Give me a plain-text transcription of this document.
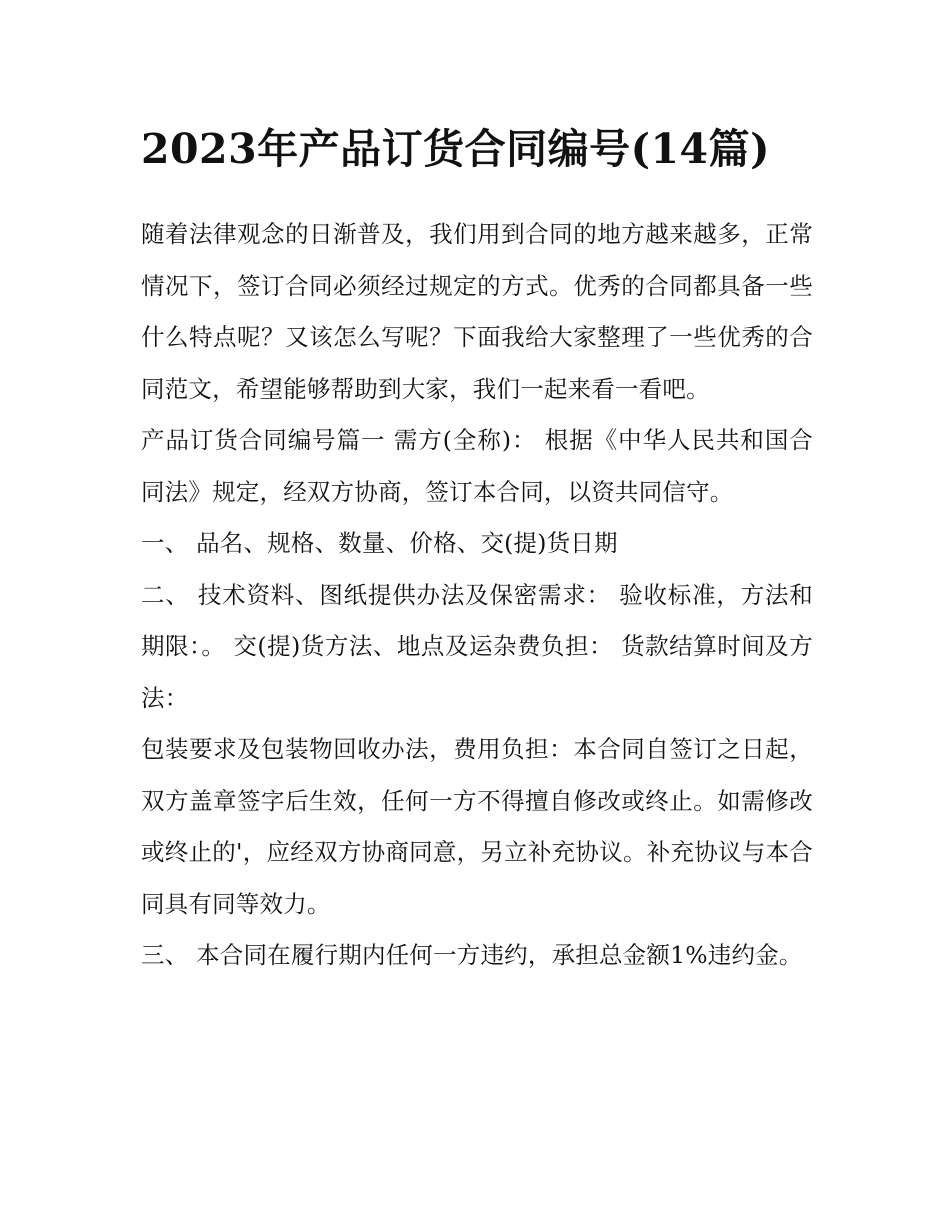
2023年产品订货合同编号(14篇)

随着法律观念的日渐普及，我们用到合同的地方越来越多，正常情况下，签订合同必须经过规定的方式。优秀的合同都具备一些什么特点呢？又该怎么写呢？下面我给大家整理了一些优秀的合同范文，希望能够帮助到大家，我们一起来看一看吧。

产品订货合同编号篇一 需方(全称)： 根据《中华人民共和国合同法》规定，经双方协商，签订本合同，以资共同信守。

一、 品名、规格、数量、价格、交(提)货日期

二、 技术资料、图纸提供办法及保密需求： 验收标准，方法和期限：。 交(提)货方法、地点及运杂费负担： 货款结算时间及方法：

包装要求及包装物回收办法，费用负担：本合同自签订之日起，双方盖章签字后生效，任何一方不得擅自修改或终止。如需修改或终止的'，应经双方协商同意，另立补充协议。补充协议与本合同具有同等效力。

三、 本合同在履行期内任何一方违约，承担总金额1%违约金。
